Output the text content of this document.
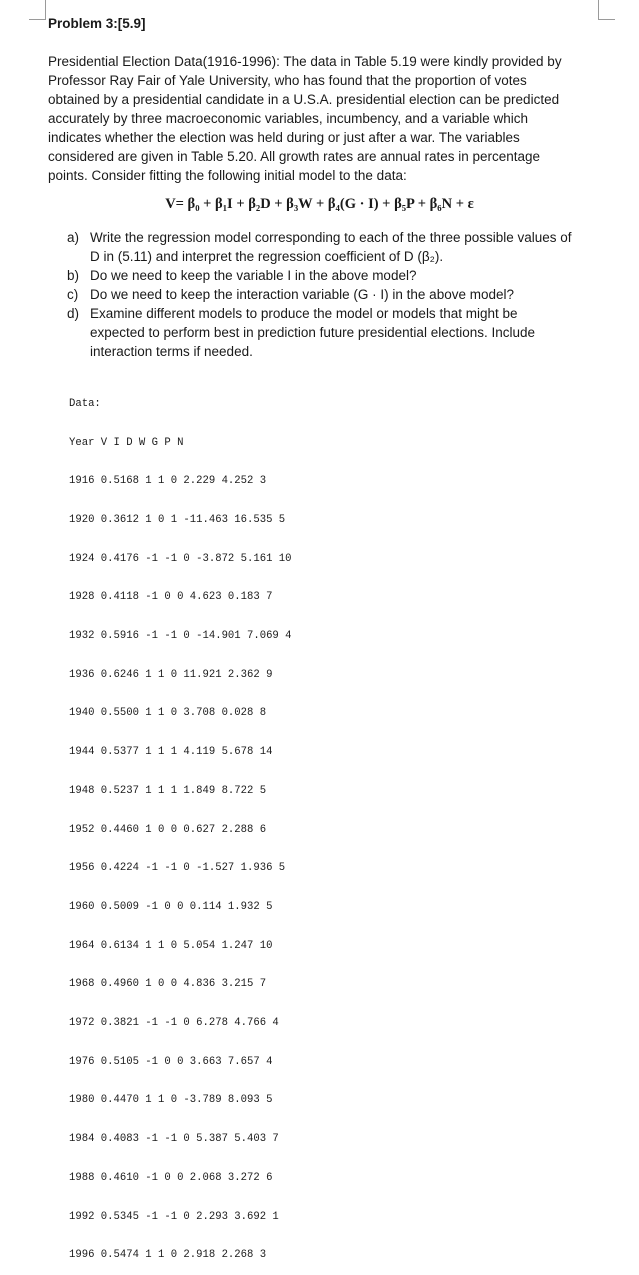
Problem 3:[5.9]
Presidential Election Data(1916-1996): The data in Table 5.19 were kindly provided by
Professor Ray Fair of Yale University, who has found that the proportion of votes
obtained by a presidential candidate in a U.S.A. presidential election can be predicted
accurately by three macroeconomic variables, incumbency, and a variable which
indicates whether the election was held during or just after a war. The variables
considered are given in Table 5.20. All growth rates are annual rates in percentage
points. Consider fitting the following initial model to the data:
V= β₀ + β₁I + β₂D + β₃W + β₄(G · I) + β₅P + β₆N + ε
a) Write the regression model corresponding to each of the three possible values of
D in (5.11) and interpret the regression coefficient of D (β₂).
b) Do we need to keep the variable I in the above model?
c) Do we need to keep the interaction variable (G · I) in the above model?
d) Examine different models to produce the model or models that might be
expected to perform best in prediction future presidential elections. Include
interaction terms if needed.

Data:

Year V I D W G P N

1916 0.5168 1 1 0 2.229 4.252 3

1920 0.3612 1 0 1 -11.463 16.535 5

1924 0.4176 -1 -1 0 -3.872 5.161 10

1928 0.4118 -1 0 0 4.623 0.183 7

1932 0.5916 -1 -1 0 -14.901 7.069 4

1936 0.6246 1 1 0 11.921 2.362 9

1940 0.5500 1 1 0 3.708 0.028 8

1944 0.5377 1 1 1 4.119 5.678 14

1948 0.5237 1 1 1 1.849 8.722 5

1952 0.4460 1 0 0 0.627 2.288 6

1956 0.4224 -1 -1 0 -1.527 1.936 5

1960 0.5009 -1 0 0 0.114 1.932 5

1964 0.6134 1 1 0 5.054 1.247 10

1968 0.4960 1 0 0 4.836 3.215 7

1972 0.3821 -1 -1 0 6.278 4.766 4

1976 0.5105 -1 0 0 3.663 7.657 4

1980 0.4470 1 1 0 -3.789 8.093 5

1984 0.4083 -1 -1 0 5.387 5.403 7

1988 0.4610 -1 0 0 2.068 3.272 6

1992 0.5345 -1 -1 0 2.293 3.692 1

1996 0.5474 1 1 0 2.918 2.268 3
